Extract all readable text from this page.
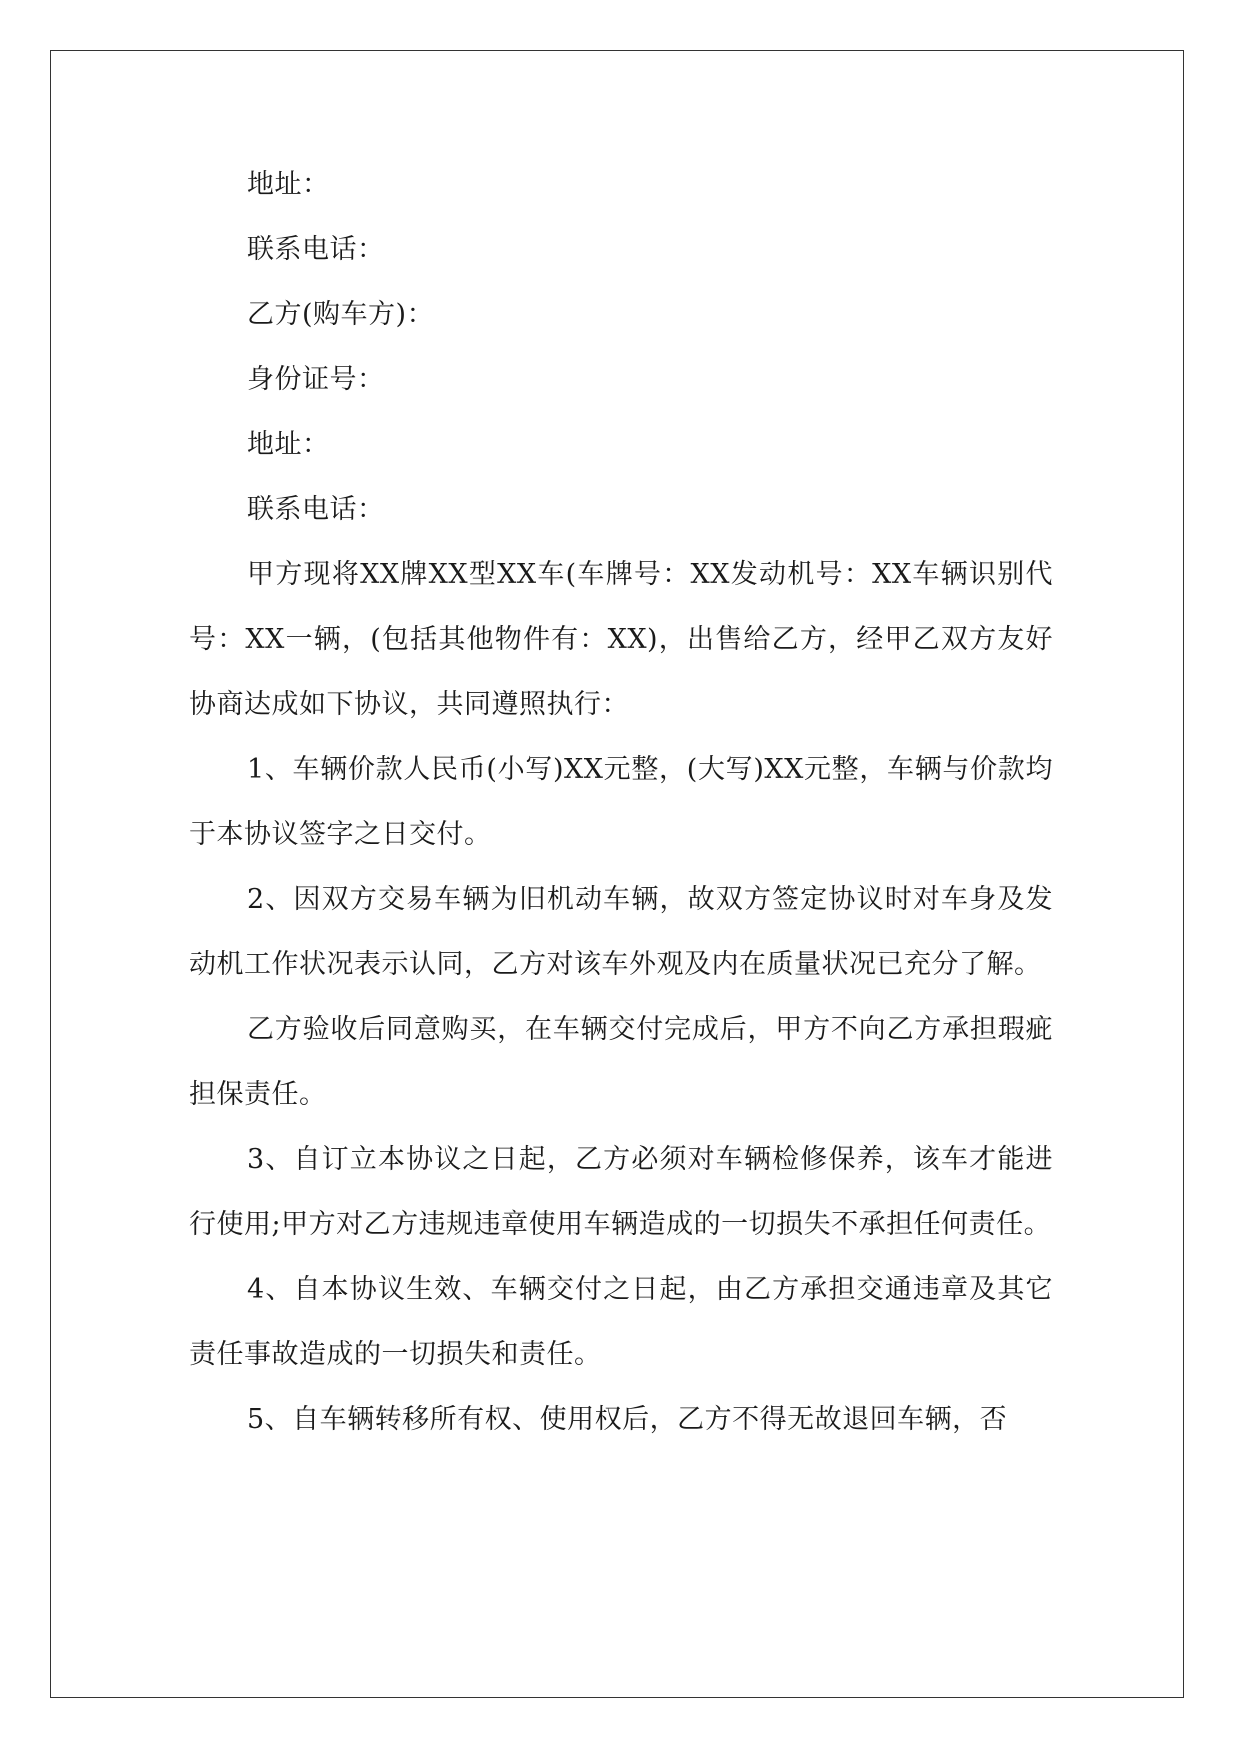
地址：

联系电话：

乙方(购车方)：

身份证号：

地址：

联系电话：

甲方现将XX牌XX型XX车(车牌号：XX发动机号：XX车辆识别代号：XX一辆，(包括其他物件有：XX)，出售给乙方，经甲乙双方友好协商达成如下协议，共同遵照执行：

1、车辆价款人民币(小写)XX元整，(大写)XX元整，车辆与价款均于本协议签字之日交付。

2、因双方交易车辆为旧机动车辆，故双方签定协议时对车身及发动机工作状况表示认同，乙方对该车外观及内在质量状况已充分了解。

乙方验收后同意购买，在车辆交付完成后，甲方不向乙方承担瑕疵担保责任。

3、自订立本协议之日起，乙方必须对车辆检修保养，该车才能进行使用;甲方对乙方违规违章使用车辆造成的一切损失不承担任何责任。

4、自本协议生效、车辆交付之日起，由乙方承担交通违章及其它责任事故造成的一切损失和责任。

5、自车辆转移所有权、使用权后，乙方不得无故退回车辆，否
